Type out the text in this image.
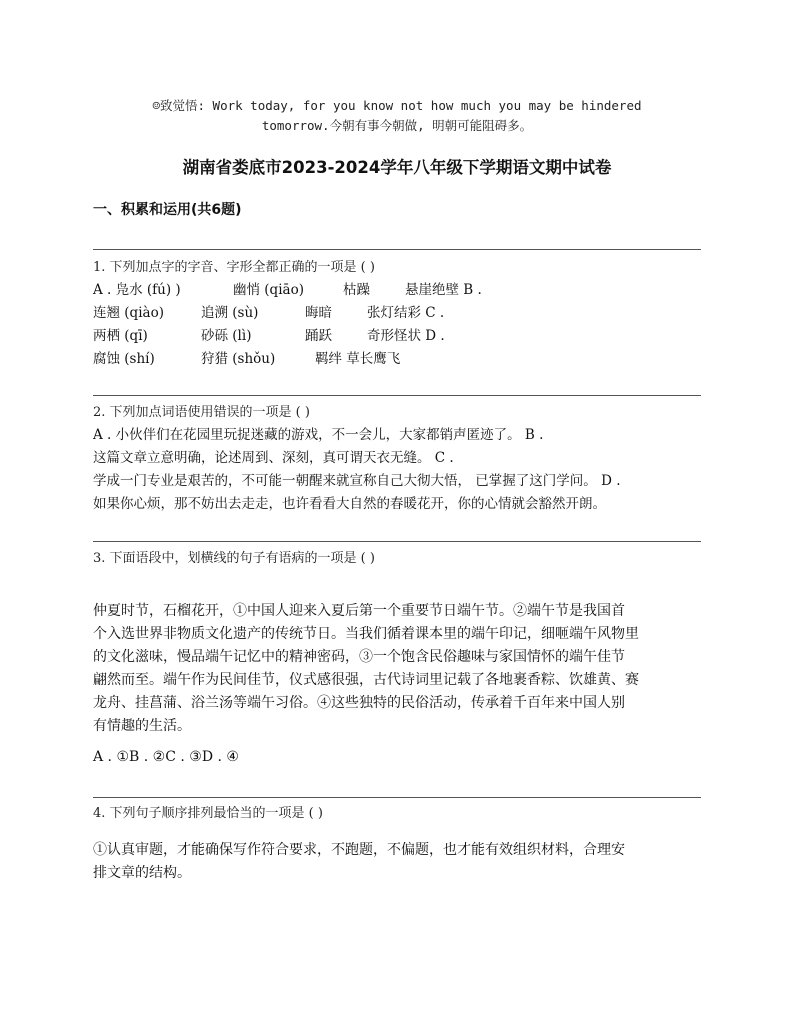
☺致觉悟: Work today, for you know not how much you may be hindered
tomorrow.今朝有事今朝做, 明朝可能阻碍多。
湖南省娄底市2023-2024学年八年级下学期语文期中试卷
一、积累和运用(共6题)
1. 下列加点字的字音、字形全都正确的一项是 ( )
A . 凫水 (fú) )	幽悄 (qiāo)	枯躁	悬崖绝壁 B .
连翘 (qiào)	追溯 (sù)	晦暗	张灯结彩 C .
两栖 (qī)	砂砾 (lì)	踊跃	奇形怪状 D .
腐蚀 (shí)	狩猎 (shǒu)	羁绊 草长鹰飞
2. 下列加点词语使用错误的一项是 ( )
A . 小伙伴们在花园里玩捉迷藏的游戏，不一会儿，大家都销声匿迹了。 B .
这篇文章立意明确，论述周到、深刻，真可谓天衣无缝。 C .
学成一门专业是艰苦的，不可能一朝醒来就宣称自己大彻大悟， 已掌握了这门学问。 D .
如果你心烦，那不妨出去走走，也许看看大自然的春暖花开，你的心情就会豁然开朗。
3. 下面语段中，划横线的句子有语病的一项是 ( )
仲夏时节，石榴花开，①中国人迎来入夏后第一个重要节日端午节。②端午节是我国首
个入选世界非物质文化遗产的传统节日。当我们循着课本里的端午印记，细咂端午风物里
的文化滋味，慢品端午记忆中的精神密码，③一个饱含民俗趣味与家国情怀的端午佳节
翩然而至。端午作为民间佳节，仪式感很强，古代诗词里记载了各地裹香粽、饮雄黄、赛
龙舟、挂菖蒲、浴兰汤等端午习俗。④这些独特的民俗活动，传承着千百年来中国人别
有情趣的生活。
A . ①B . ②C . ③D . ④
4. 下列句子顺序排列最恰当的一项是 ( )
①认真审题，才能确保写作符合要求，不跑题，不偏题，也才能有效组织材料，合理安
排文章的结构。
